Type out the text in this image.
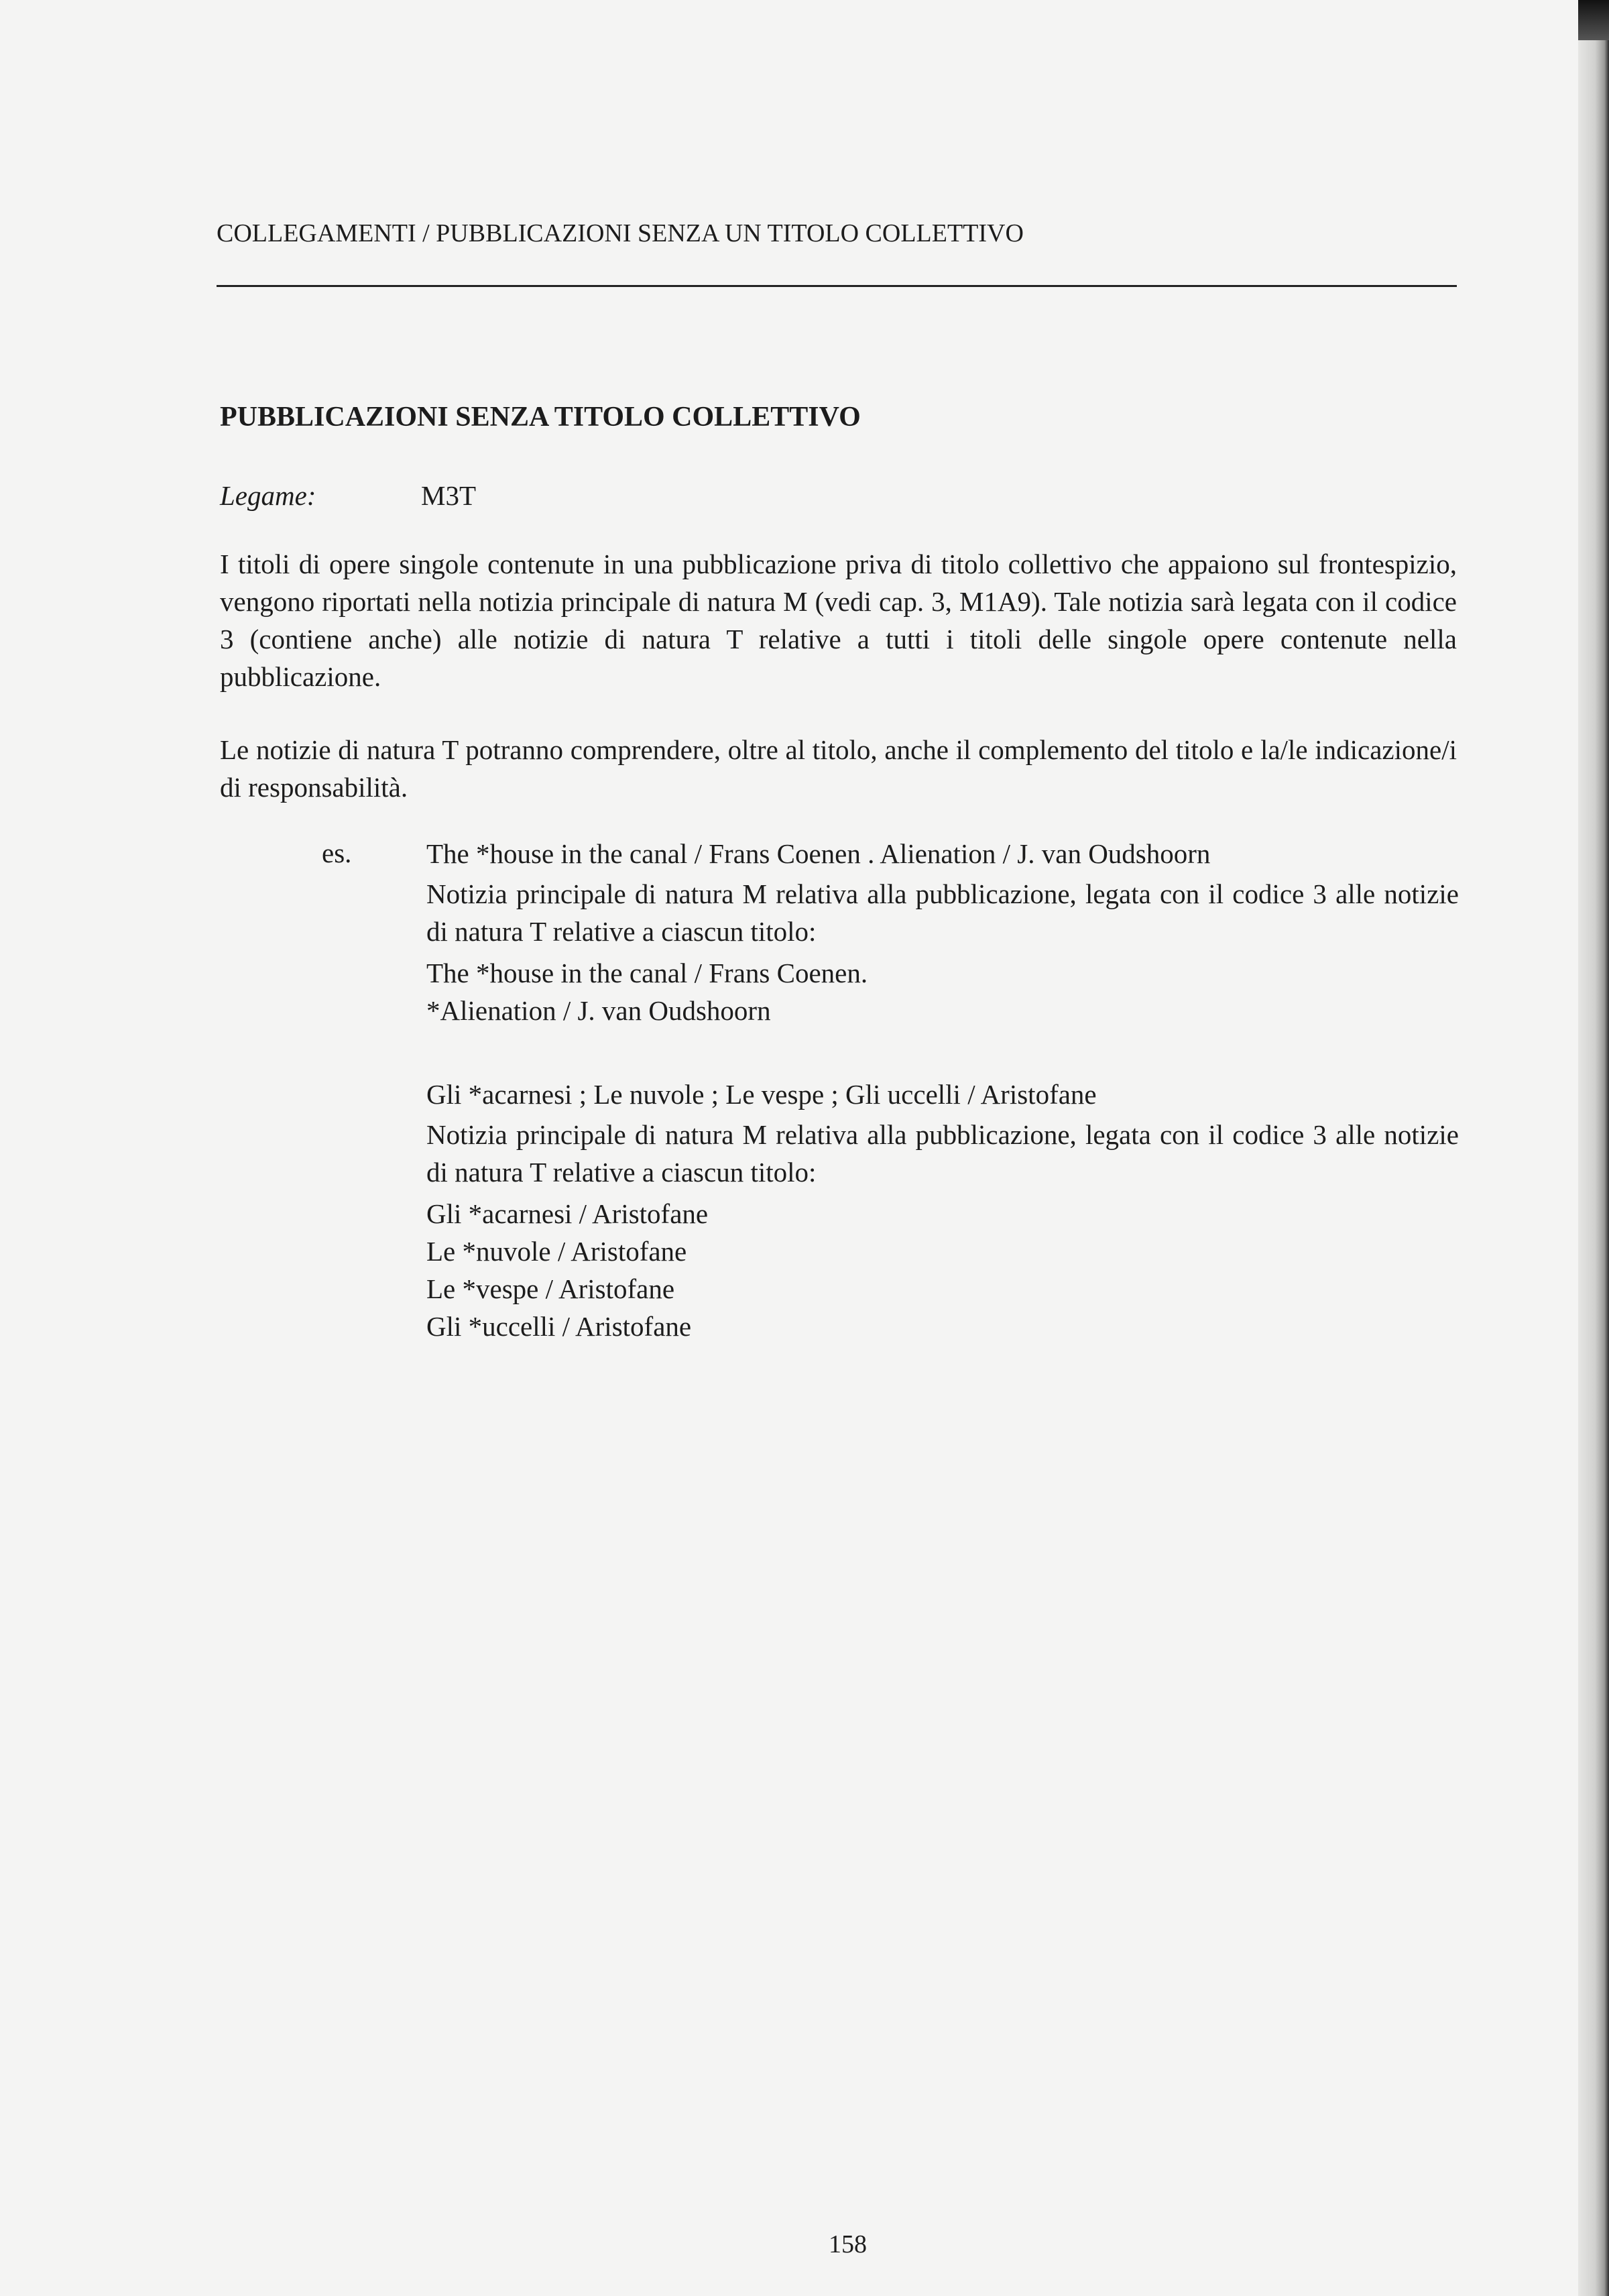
COLLEGAMENTI / PUBBLICAZIONI SENZA UN TITOLO COLLETTIVO
PUBBLICAZIONI SENZA TITOLO COLLETTIVO
Legame:	M3T
I titoli di opere singole contenute in una pubblicazione priva di titolo collettivo che appaiono sul frontespizio, vengono riportati nella notizia principale di natura M (vedi cap. 3, M1A9). Tale notizia sarà legata con il codice 3 (contiene anche) alle notizie di natura T relative a tutti i titoli delle singole opere contenute nella pubblicazione.
Le notizie di natura T potranno comprendere, oltre al titolo, anche il complemento del titolo e la/le indicazione/i di responsabilità.
es.	The *house in the canal / Frans Coenen . Alienation / J. van Oudshoorn
Notizia principale di natura M relativa alla pubblicazione, legata con il codice 3 alle notizie di natura T relative a ciascun titolo:
The *house in the canal / Frans Coenen.
*Alienation / J. van Oudshoorn
Gli *acarnesi ; Le nuvole ; Le vespe ; Gli uccelli / Aristofane
Notizia principale di natura M relativa alla pubblicazione, legata con il codice 3 alle notizie di natura T relative a ciascun titolo:
Gli *acarnesi / Aristofane
Le *nuvole / Aristofane
Le *vespe / Aristofane
Gli *uccelli / Aristofane
158
